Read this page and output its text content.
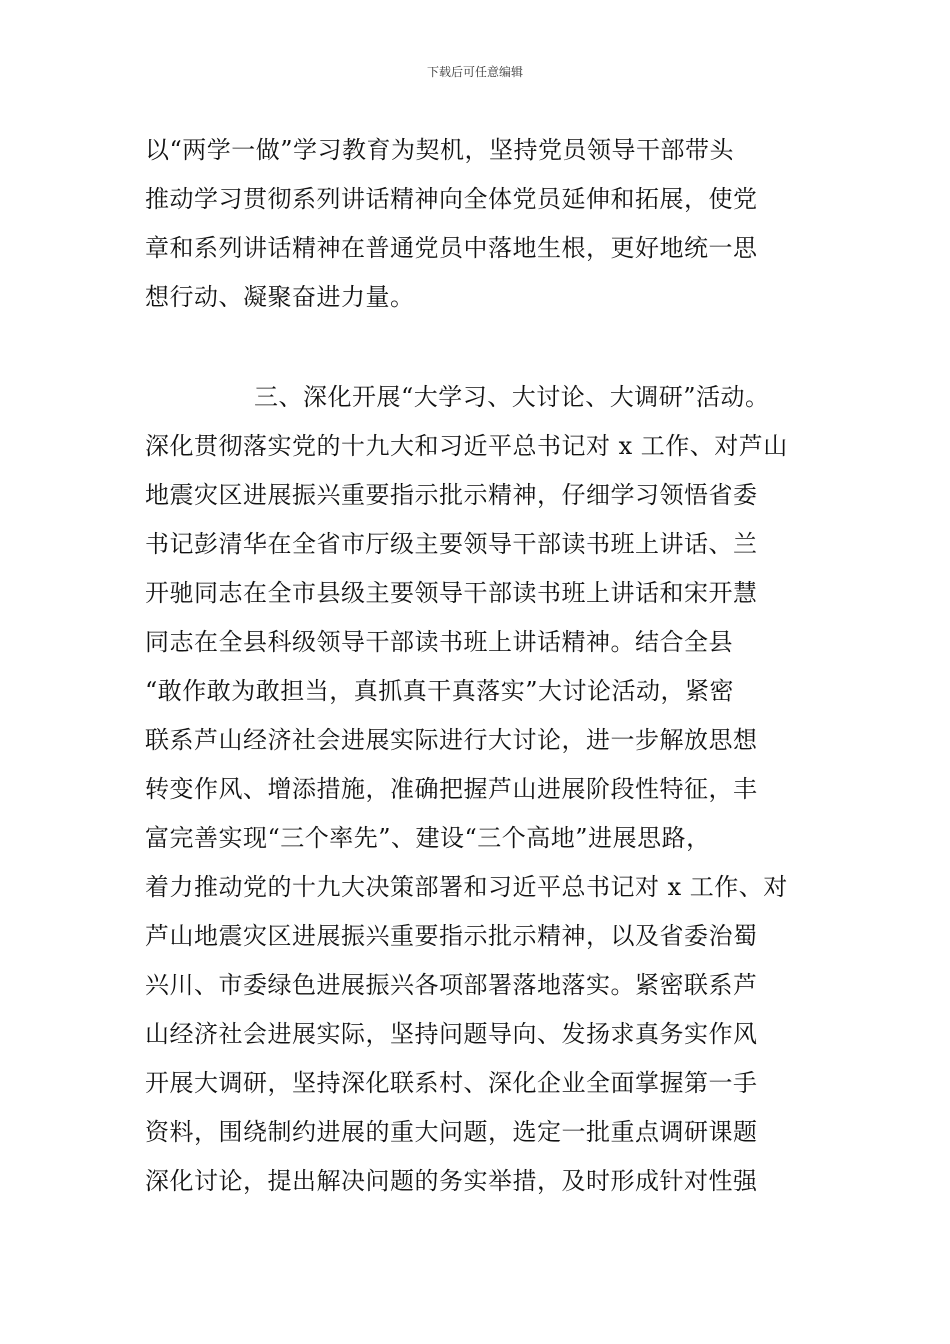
下载后可任意编辑
以“两学一做”学习教育为契机，坚持党员领导干部带头
推动学习贯彻系列讲话精神向全体党员延伸和拓展，使党
章和系列讲话精神在普通党员中落地生根，更好地统一思
想行动、凝聚奋进力量。
三、深化开展“大学习、大讨论、大调研”活动。
深化贯彻落实党的十九大和习近平总书记对 x 工作、对芦山
地震灾区进展振兴重要指示批示精神，仔细学习领悟省委
书记彭清华在全省市厅级主要领导干部读书班上讲话、兰
开驰同志在全市县级主要领导干部读书班上讲话和宋开慧
同志在全县科级领导干部读书班上讲话精神。结合全县
“敢作敢为敢担当，真抓真干真落实”大讨论活动，紧密
联系芦山经济社会进展实际进行大讨论，进一步解放思想
转变作风、增添措施，准确把握芦山进展阶段性特征，丰
富完善实现“三个率先”、建设“三个高地”进展思路，
着力推动党的十九大决策部署和习近平总书记对 x 工作、对
芦山地震灾区进展振兴重要指示批示精神，以及省委治蜀
兴川、市委绿色进展振兴各项部署落地落实。紧密联系芦
山经济社会进展实际，坚持问题导向、发扬求真务实作风
开展大调研，坚持深化联系村、深化企业全面掌握第一手
资料，围绕制约进展的重大问题，选定一批重点调研课题
深化讨论，提出解决问题的务实举措，及时形成针对性强
